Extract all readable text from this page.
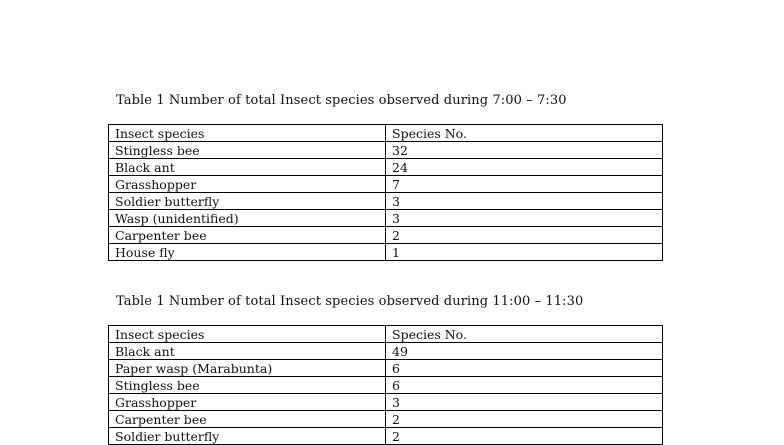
Table 1 Number of total Insect species observed during 7:00 – 7:30
Insect species	Species No.
Stingless bee	32
Black ant	24
Grasshopper	7
Soldier butterfly	3
Wasp (unidentified)	3
Carpenter bee	2
House fly	1
Table 1 Number of total Insect species observed during 11:00 – 11:30
Insect species	Species No.
Black ant	49
Paper wasp (Marabunta)	6
Stingless bee	6
Grasshopper	3
Carpenter bee	2
Soldier butterfly	2
